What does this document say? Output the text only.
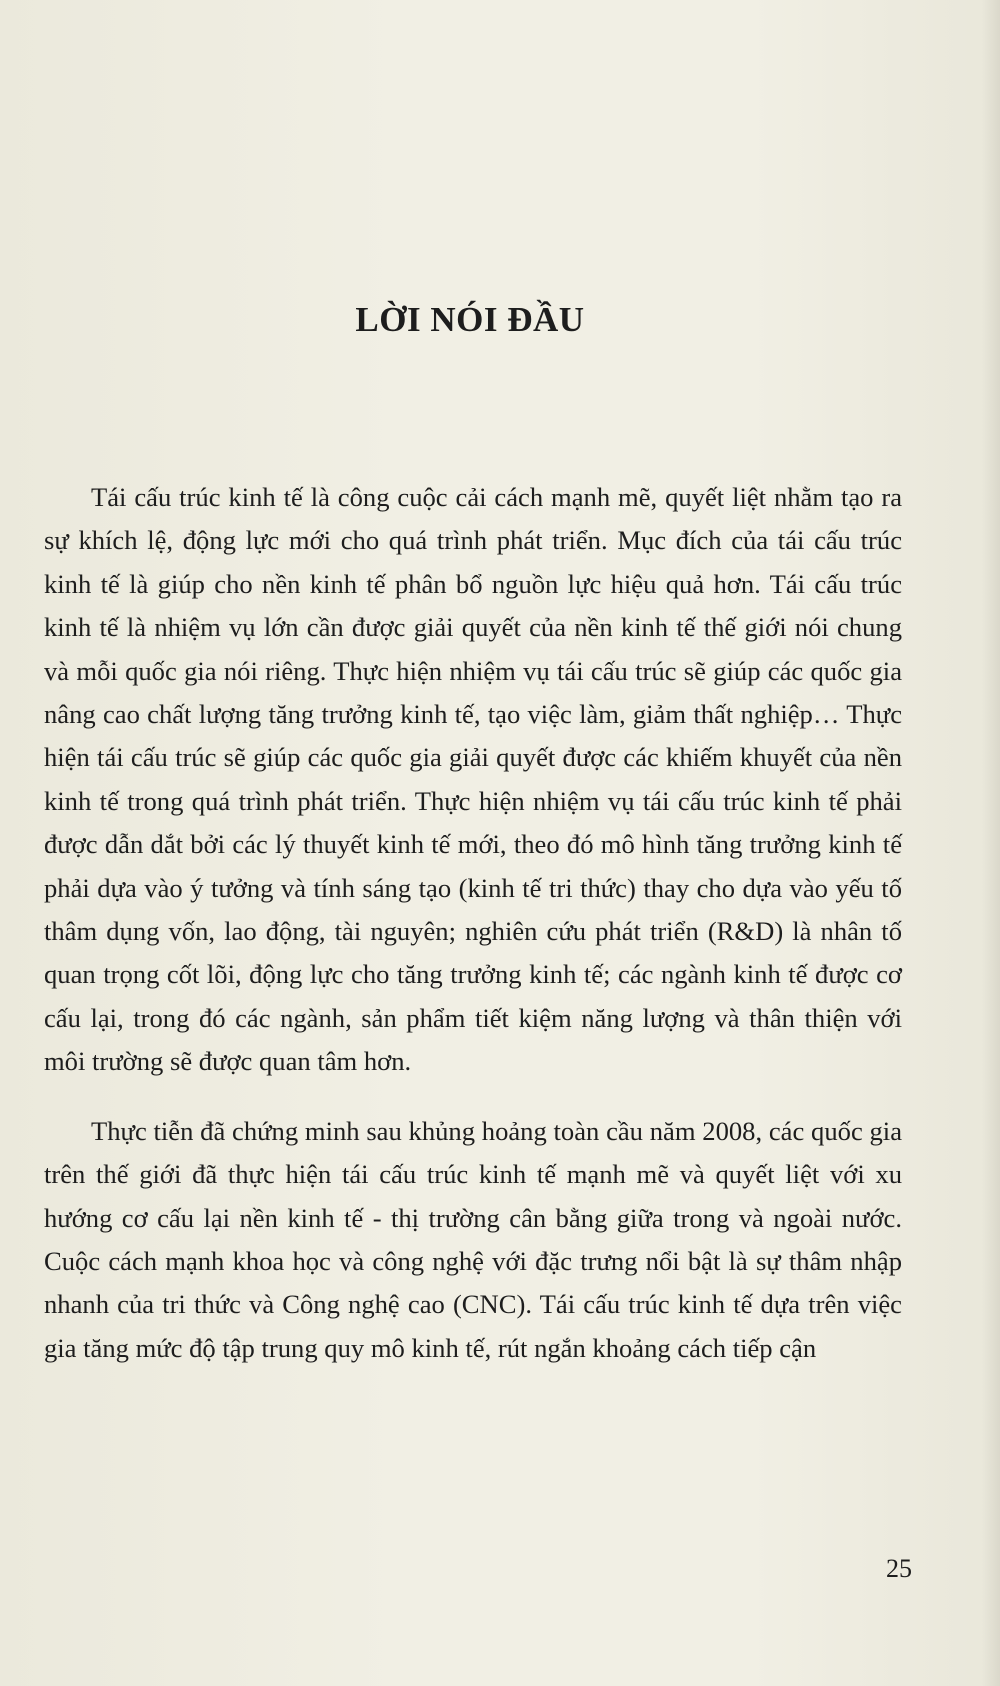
LỜI NÓI ĐẦU

Tái cấu trúc kinh tế là công cuộc cải cách mạnh mẽ, quyết liệt nhằm tạo ra sự khích lệ, động lực mới cho quá trình phát triển. Mục đích của tái cấu trúc kinh tế là giúp cho nền kinh tế phân bổ nguồn lực hiệu quả hơn. Tái cấu trúc kinh tế là nhiệm vụ lớn cần được giải quyết của nền kinh tế thế giới nói chung và mỗi quốc gia nói riêng. Thực hiện nhiệm vụ tái cấu trúc sẽ giúp các quốc gia nâng cao chất lượng tăng trưởng kinh tế, tạo việc làm, giảm thất nghiệp… Thực hiện tái cấu trúc sẽ giúp các quốc gia giải quyết được các khiếm khuyết của nền kinh tế trong quá trình phát triển. Thực hiện nhiệm vụ tái cấu trúc kinh tế phải được dẫn dắt bởi các lý thuyết kinh tế mới, theo đó mô hình tăng trưởng kinh tế phải dựa vào ý tưởng và tính sáng tạo (kinh tế tri thức) thay cho dựa vào yếu tố thâm dụng vốn, lao động, tài nguyên; nghiên cứu phát triển (R&D) là nhân tố quan trọng cốt lõi, động lực cho tăng trưởng kinh tế; các ngành kinh tế được cơ cấu lại, trong đó các ngành, sản phẩm tiết kiệm năng lượng và thân thiện với môi trường sẽ được quan tâm hơn.

Thực tiễn đã chứng minh sau khủng hoảng toàn cầu năm 2008, các quốc gia trên thế giới đã thực hiện tái cấu trúc kinh tế mạnh mẽ và quyết liệt với xu hướng cơ cấu lại nền kinh tế - thị trường cân bằng giữa trong và ngoài nước. Cuộc cách mạnh khoa học và công nghệ với đặc trưng nổi bật là sự thâm nhập nhanh của tri thức và Công nghệ cao (CNC). Tái cấu trúc kinh tế dựa trên việc gia tăng mức độ tập trung quy mô kinh tế, rút ngắn khoảng cách tiếp cận

25
